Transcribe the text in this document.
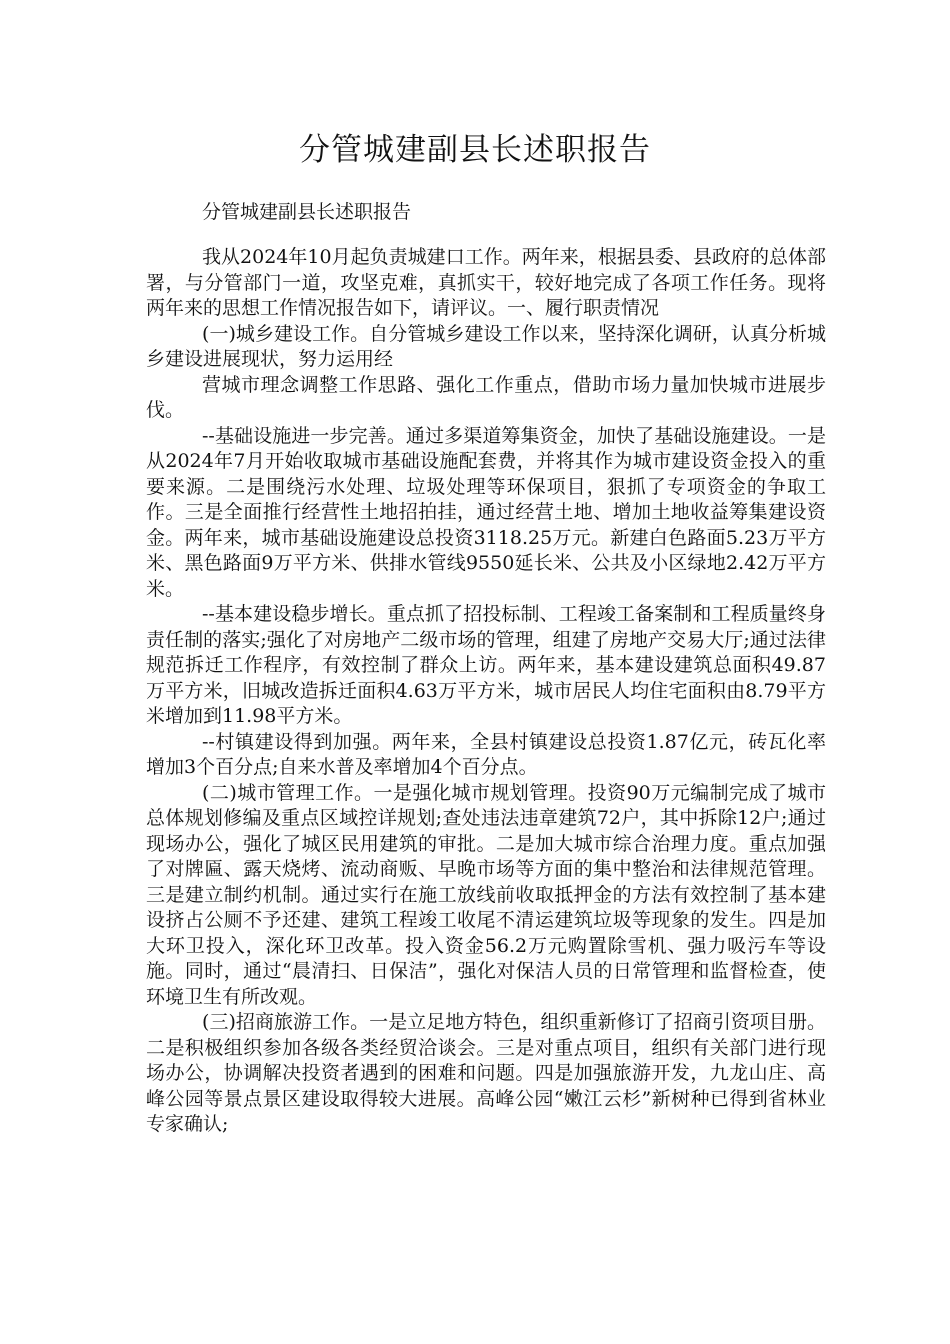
分管城建副县长述职报告
分管城建副县长述职报告

我从2024年10月起负责城建口工作。两年来，根据县委、县政府的总体部署，与分管部门一道，攻坚克难，真抓实干，较好地完成了各项工作任务。现将两年来的思想工作情况报告如下，请评议。一、履行职责情况

(一)城乡建设工作。自分管城乡建设工作以来，坚持深化调研，认真分析城乡建设进展现状，努力运用经

营城市理念调整工作思路、强化工作重点，借助市场力量加快城市进展步伐。

--基础设施进一步完善。通过多渠道筹集资金，加快了基础设施建设。一是从2024年7月开始收取城市基础设施配套费，并将其作为城市建设资金投入的重要来源。二是围绕污水处理、垃圾处理等环保项目，狠抓了专项资金的争取工作。三是全面推行经营性土地招拍挂，通过经营土地、增加土地收益筹集建设资金。两年来，城市基础设施建设总投资3118.25万元。新建白色路面5.23万平方米、黑色路面9万平方米、供排水管线9550延长米、公共及小区绿地2.42万平方米。

--基本建设稳步增长。重点抓了招投标制、工程竣工备案制和工程质量终身责任制的落实;强化了对房地产二级市场的管理，组建了房地产交易大厅;通过法律规范拆迁工作程序，有效控制了群众上访。两年来，基本建设建筑总面积49.87万平方米，旧城改造拆迁面积4.63万平方米，城市居民人均住宅面积由8.79平方米增加到11.98平方米。

--村镇建设得到加强。两年来，全县村镇建设总投资1.87亿元，砖瓦化率增加3个百分点;自来水普及率增加4个百分点。

(二)城市管理工作。一是强化城市规划管理。投资90万元编制完成了城市总体规划修编及重点区域控详规划;查处违法违章建筑72户，其中拆除12户;通过现场办公，强化了城区民用建筑的审批。二是加大城市综合治理力度。重点加强了对牌匾、露天烧烤、流动商贩、早晚市场等方面的集中整治和法律规范管理。三是建立制约机制。通过实行在施工放线前收取抵押金的方法有效控制了基本建设挤占公厕不予还建、建筑工程竣工收尾不清运建筑垃圾等现象的发生。四是加大环卫投入，深化环卫改革。投入资金56.2万元购置除雪机、强力吸污车等设施。同时，通过“晨清扫、日保洁”，强化对保洁人员的日常管理和监督检查，使环境卫生有所改观。

(三)招商旅游工作。一是立足地方特色，组织重新修订了招商引资项目册。二是积极组织参加各级各类经贸洽谈会。三是对重点项目，组织有关部门进行现场办公，协调解决投资者遇到的困难和问题。四是加强旅游开发，九龙山庄、高峰公园等景点景区建设取得较大进展。高峰公园“嫩江云杉”新树种已得到省林业专家确认;
